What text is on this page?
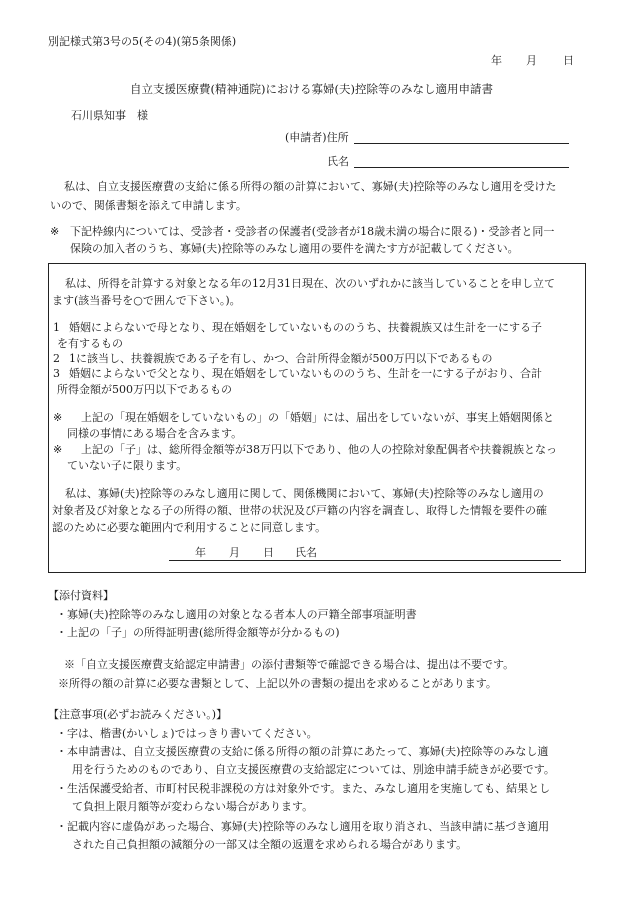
別記様式第3号の5(その4)(第5条関係)
年 月 日
自立支援医療費(精神通院)における寡婦(夫)控除等のみなし適用申請書
石川県知事　様
(申請者)住所
氏名
私は、自立支援医療費の支給に係る所得の額の計算において、寡婦(夫)控除等のみなし適用を受けた
いので、関係書類を添えて申請します。
※ 下記枠線内については、受診者・受診者の保護者(受診者が18歳未満の場合に限る)・受診者と同一
保険の加入者のうち、寡婦(夫)控除等のみなし適用の要件を満たす方が記載してください。
私は、所得を計算する対象となる年の12月31日現在、次のいずれかに該当していることを申し立て
ます(該当番号を○で囲んで下さい。)。
1 婚姻によらないで母となり、現在婚姻をしていないもののうち、扶養親族又は生計を一にする子
を有するもの
2 1に該当し、扶養親族である子を有し、かつ、合計所得金額が500万円以下であるもの
3 婚姻によらないで父となり、現在婚姻をしていないもののうち、生計を一にする子がおり、合計
所得金額が500万円以下であるもの
※ 上記の「現在婚姻をしていないもの」の「婚姻」には、届出をしていないが、事実上婚姻関係と
同様の事情にある場合を含みます。
※ 上記の「子」は、総所得金額等が38万円以下であり、他の人の控除対象配偶者や扶養親族となっ
ていない子に限ります。
私は、寡婦(夫)控除等のみなし適用に関して、関係機関において、寡婦(夫)控除等のみなし適用の
対象者及び対象となる子の所得の額、世帯の状況及び戸籍の内容を調査し、取得した情報を要件の確
認のために必要な範囲内で利用することに同意します。
年 月 日 氏名
【添付資料】
・寡婦(夫)控除等のみなし適用の対象となる者本人の戸籍全部事項証明書
・上記の「子」の所得証明書(総所得金額等が分かるもの)
※「自立支援医療費支給認定申請書」の添付書類等で確認できる場合は、提出は不要です。
※所得の額の計算に必要な書類として、上記以外の書類の提出を求めることがあります。
【注意事項(必ずお読みください。)】
・字は、楷書(かいしょ)ではっきり書いてください。
・本申請書は、自立支援医療費の支給に係る所得の額の計算にあたって、寡婦(夫)控除等のみなし適
用を行うためのものであり、自立支援医療費の支給認定については、別途申請手続きが必要です。
・生活保護受給者、市町村民税非課税の方は対象外です。また、みなし適用を実施しても、結果とし
て負担上限月額等が変わらない場合があります。
・記載内容に虚偽があった場合、寡婦(夫)控除等のみなし適用を取り消され、当該申請に基づき適用
された自己負担額の減額分の一部又は全額の返還を求められる場合があります。
